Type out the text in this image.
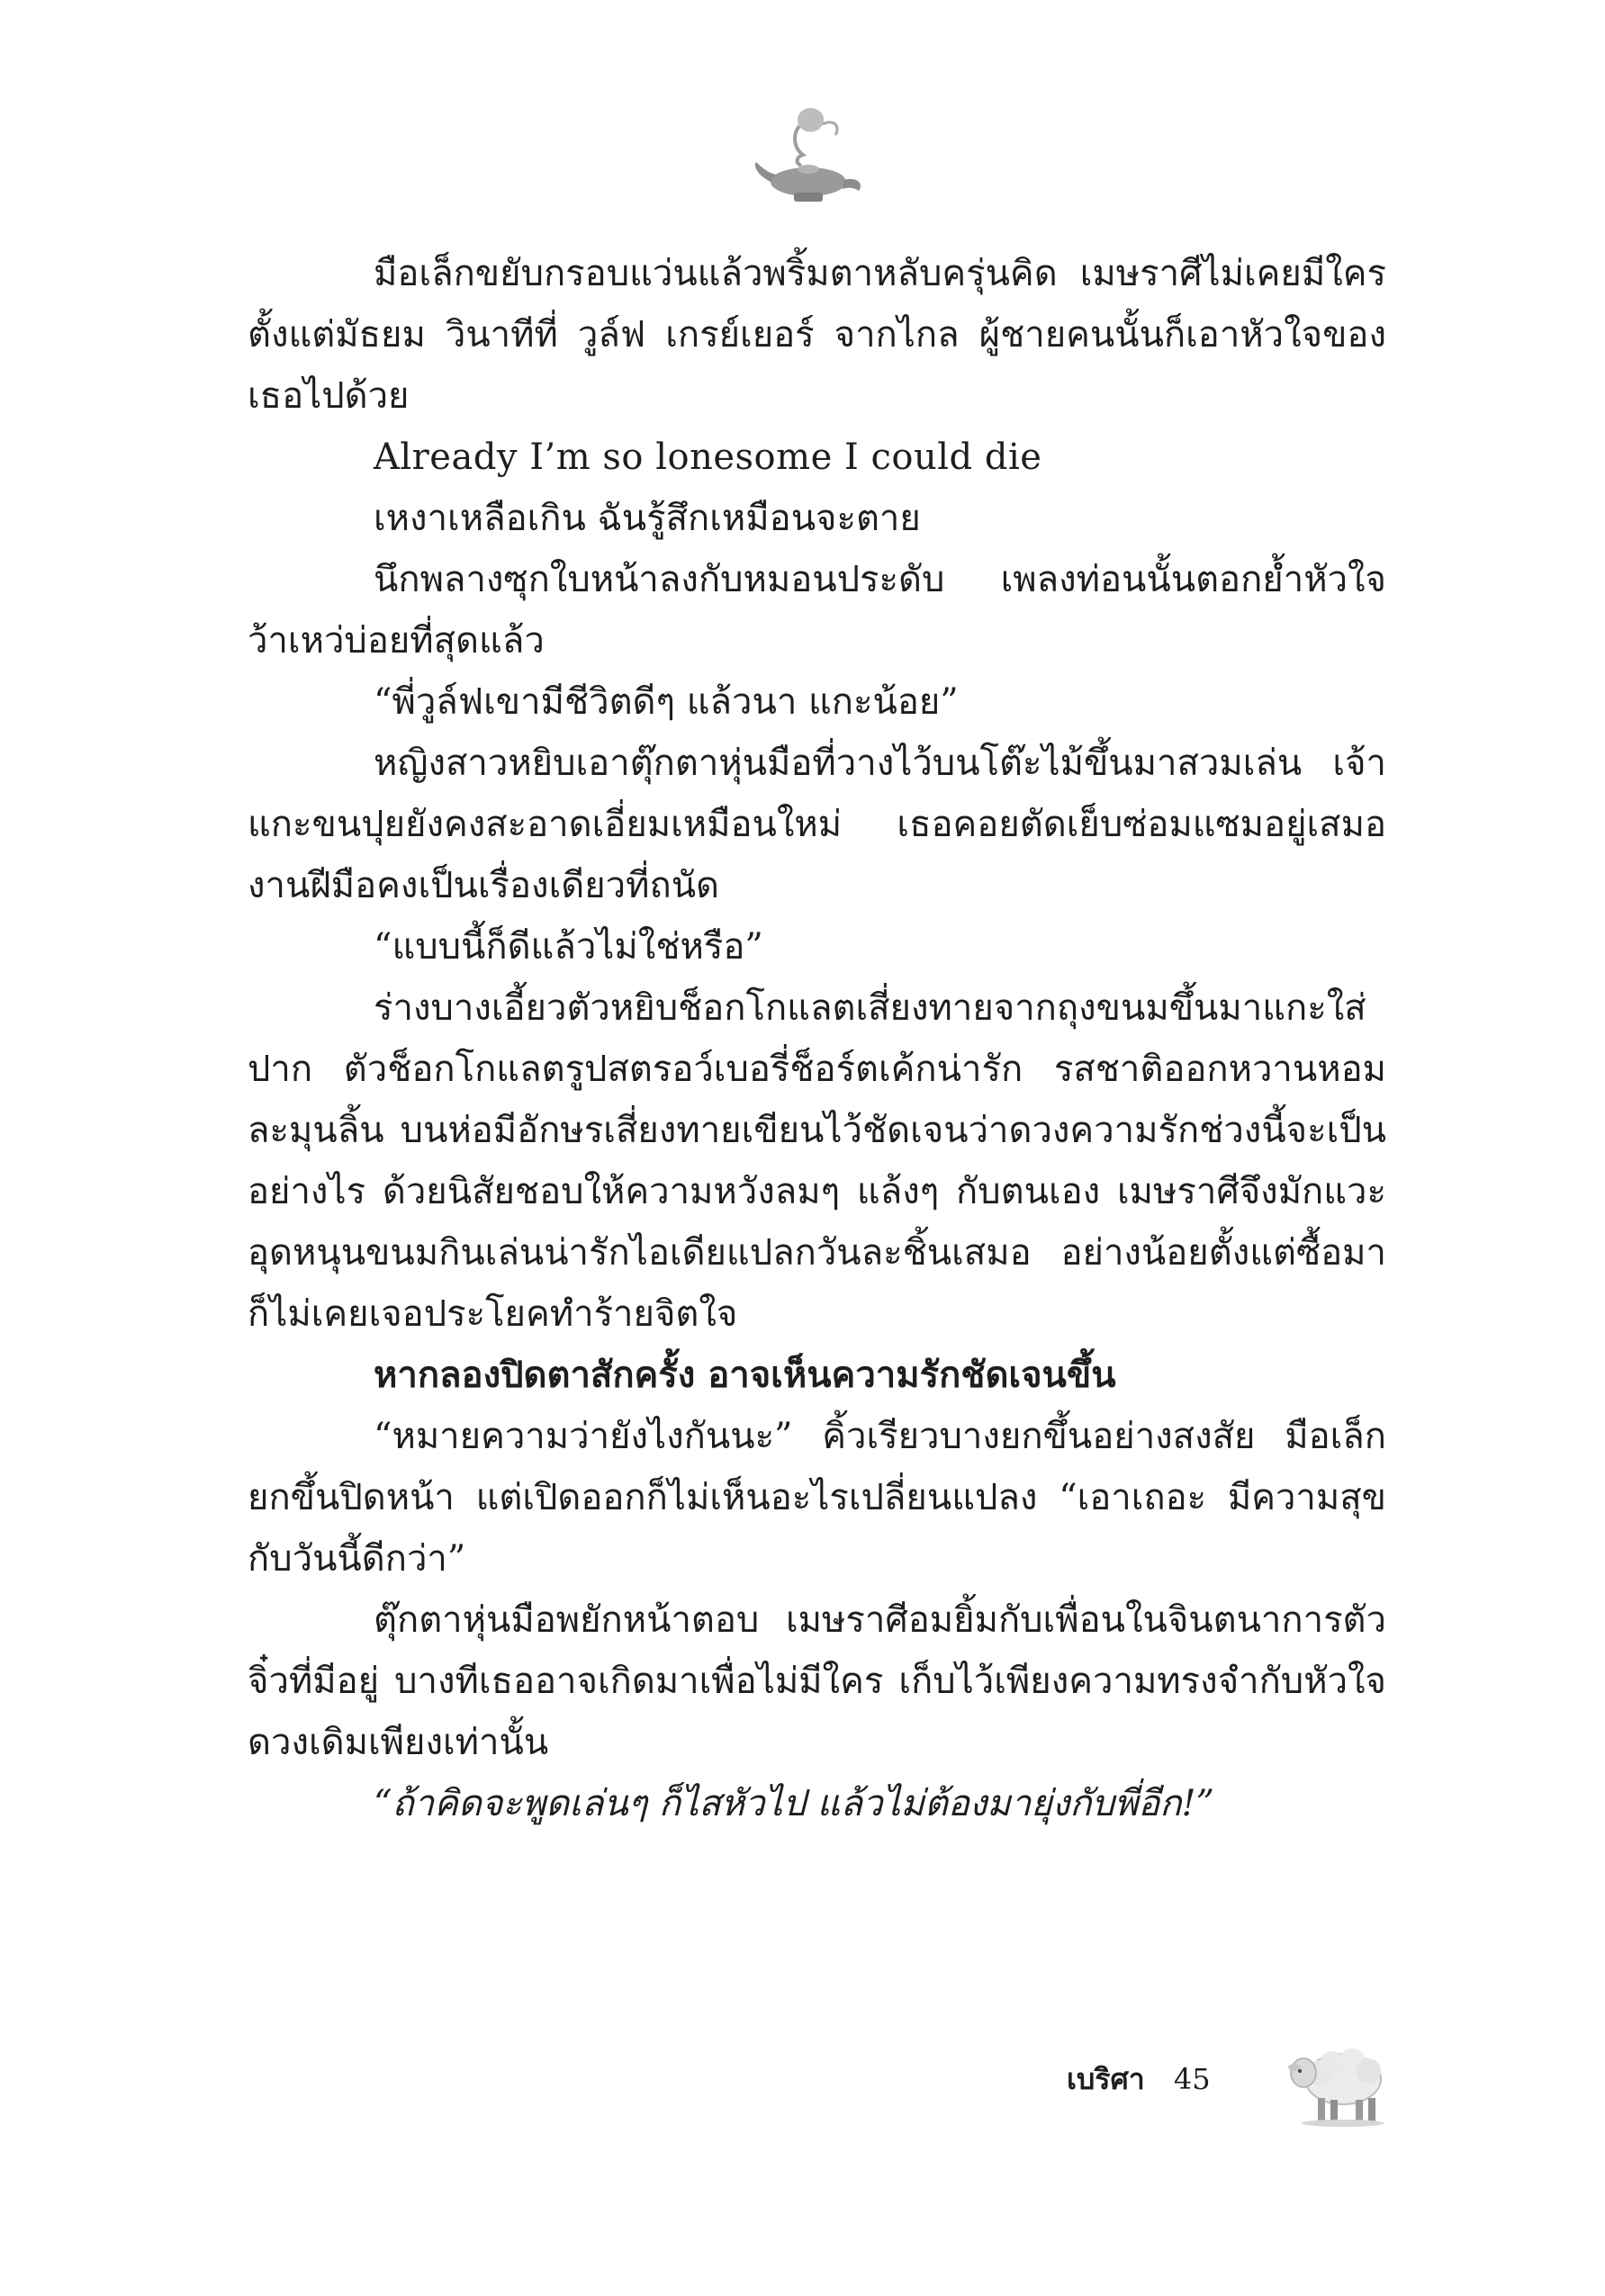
มือเล็กขยับกรอบแว่นแล้วพริ้มตาหลับครุ่นคิด เมษราศีไม่เคยมีใคร ตั้งแต่มัธยม วินาทีที่ วูล์ฟ เกรย์เยอร์ จากไกล ผู้ชายคนนั้นก็เอาหัวใจของเธอไปด้วย

Already I’m so lonesome I could die

เหงาเหลือเกิน ฉันรู้สึกเหมือนจะตาย

นึกพลางซุกใบหน้าลงกับหมอนประดับ เพลงท่อนนั้นตอกย้ำหัวใจว้าเหว่บ่อยที่สุดแล้ว

“พี่วูล์ฟเขามีชีวิตดีๆ แล้วนา แกะน้อย”

หญิงสาวหยิบเอาตุ๊กตาหุ่นมือที่วางไว้บนโต๊ะไม้ขึ้นมาสวมเล่น เจ้าแกะขนปุยยังคงสะอาดเอี่ยมเหมือนใหม่ เธอคอยตัดเย็บซ่อมแซมอยู่เสมอ งานฝีมือคงเป็นเรื่องเดียวที่ถนัด

“แบบนี้ก็ดีแล้วไม่ใช่หรือ”

ร่างบางเอี้ยวตัวหยิบช็อกโกแลตเสี่ยงทายจากถุงขนมขึ้นมาแกะใส่ปาก ตัวช็อกโกแลตรูปสตรอว์เบอรี่ช็อร์ตเค้กน่ารัก รสชาติออกหวานหอมละมุนลิ้น บนห่อมีอักษรเสี่ยงทายเขียนไว้ชัดเจนว่าดวงความรักช่วงนี้จะเป็นอย่างไร ด้วยนิสัยชอบให้ความหวังลมๆ แล้งๆ กับตนเอง เมษราศีจึงมักแวะอุดหนุนขนมกินเล่นน่ารักไอเดียแปลกวันละชิ้นเสมอ อย่างน้อยตั้งแต่ซื้อมาก็ไม่เคยเจอประโยคทำร้ายจิตใจ

หากลองปิดตาสักครั้ง อาจเห็นความรักชัดเจนขึ้น

“หมายความว่ายังไงกันนะ” คิ้วเรียวบางยกขึ้นอย่างสงสัย มือเล็กยกขึ้นปิดหน้า แต่เปิดออกก็ไม่เห็นอะไรเปลี่ยนแปลง “เอาเถอะ มีความสุขกับวันนี้ดีกว่า”

ตุ๊กตาหุ่นมือพยักหน้าตอบ เมษราศีอมยิ้มกับเพื่อนในจินตนาการตัวจิ๋วที่มีอยู่ บางทีเธออาจเกิดมาเพื่อไม่มีใคร เก็บไว้เพียงความทรงจำกับหัวใจดวงเดิมเพียงเท่านั้น

“ถ้าคิดจะพูดเล่นๆ ก็ไสหัวไป แล้วไม่ต้องมายุ่งกับพี่อีก!”

เบริศา 45
